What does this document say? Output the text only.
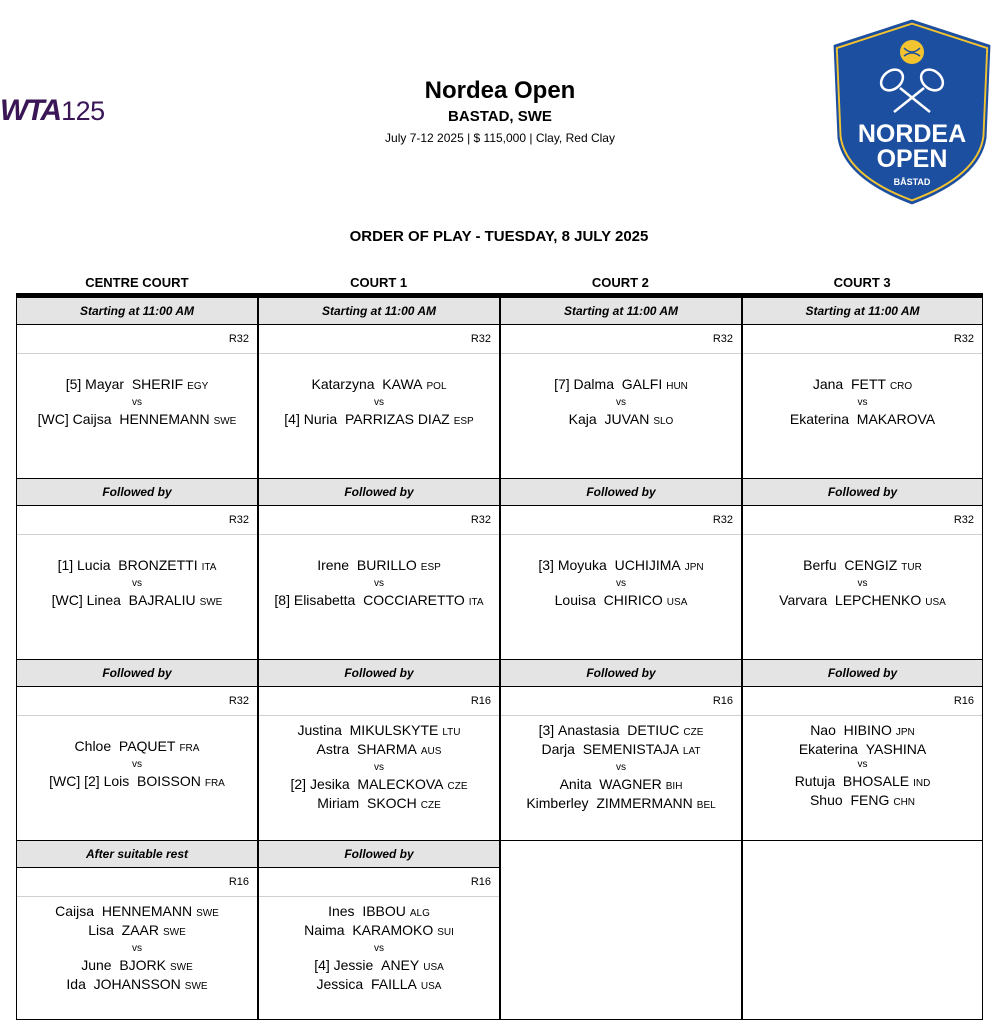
WTA 125
Nordea Open
BASTAD, SWE
July 7-12 2025 | $ 115,000 | Clay, Red Clay	NORDEA
OPEN
BÅSTAD
ORDER OF PLAY - TUESDAY, 8 JULY 2025
CENTRE COURT	COURT 1	COURT 2	COURT 3
Starting at 11:00 AM
R32
[5] Mayar  SHERIF EGY
vs
[WC] Caijsa  HENNEMANN SWE
Starting at 11:00 AM
R32
Katarzyna  KAWA POL
vs
[4] Nuria  PARRIZAS DIAZ ESP
Starting at 11:00 AM
R32
[7] Dalma  GALFI HUN
vs
Kaja  JUVAN SLO
Starting at 11:00 AM
R32
Jana  FETT CRO
vs
Ekaterina  MAKAROVA
Followed by
R32
[1] Lucia  BRONZETTI ITA
vs
[WC] Linea  BAJRALIU SWE
Followed by
R32
Irene  BURILLO ESP
vs
[8] Elisabetta  COCCIARETTO ITA
Followed by
R32
[3] Moyuka  UCHIJIMA JPN
vs
Louisa  CHIRICO USA
Followed by
R32
Berfu  CENGIZ TUR
vs
Varvara  LEPCHENKO USA
Followed by
R32
Chloe  PAQUET FRA
vs
[WC] [2] Lois  BOISSON FRA
Followed by
R16
Justina  MIKULSKYTE LTU
Astra  SHARMA AUS
vs
[2] Jesika  MALECKOVA CZE
Miriam  SKOCH CZE
Followed by
R16
[3] Anastasia  DETIUC CZE
Darja  SEMENISTAJA LAT
vs
Anita  WAGNER BIH
Kimberley  ZIMMERMANN BEL
Followed by
R16
Nao  HIBINO JPN
Ekaterina  YASHINA
vs
Rutuja  BHOSALE IND
Shuo  FENG CHN
After suitable rest
R16
Caijsa  HENNEMANN SWE
Lisa  ZAAR SWE
vs
June  BJORK SWE
Ida  JOHANSSON SWE
Followed by
R16
Ines  IBBOU ALG
Naima  KARAMOKO SUI
vs
[4] Jessie  ANEY USA
Jessica  FAILLA USA
